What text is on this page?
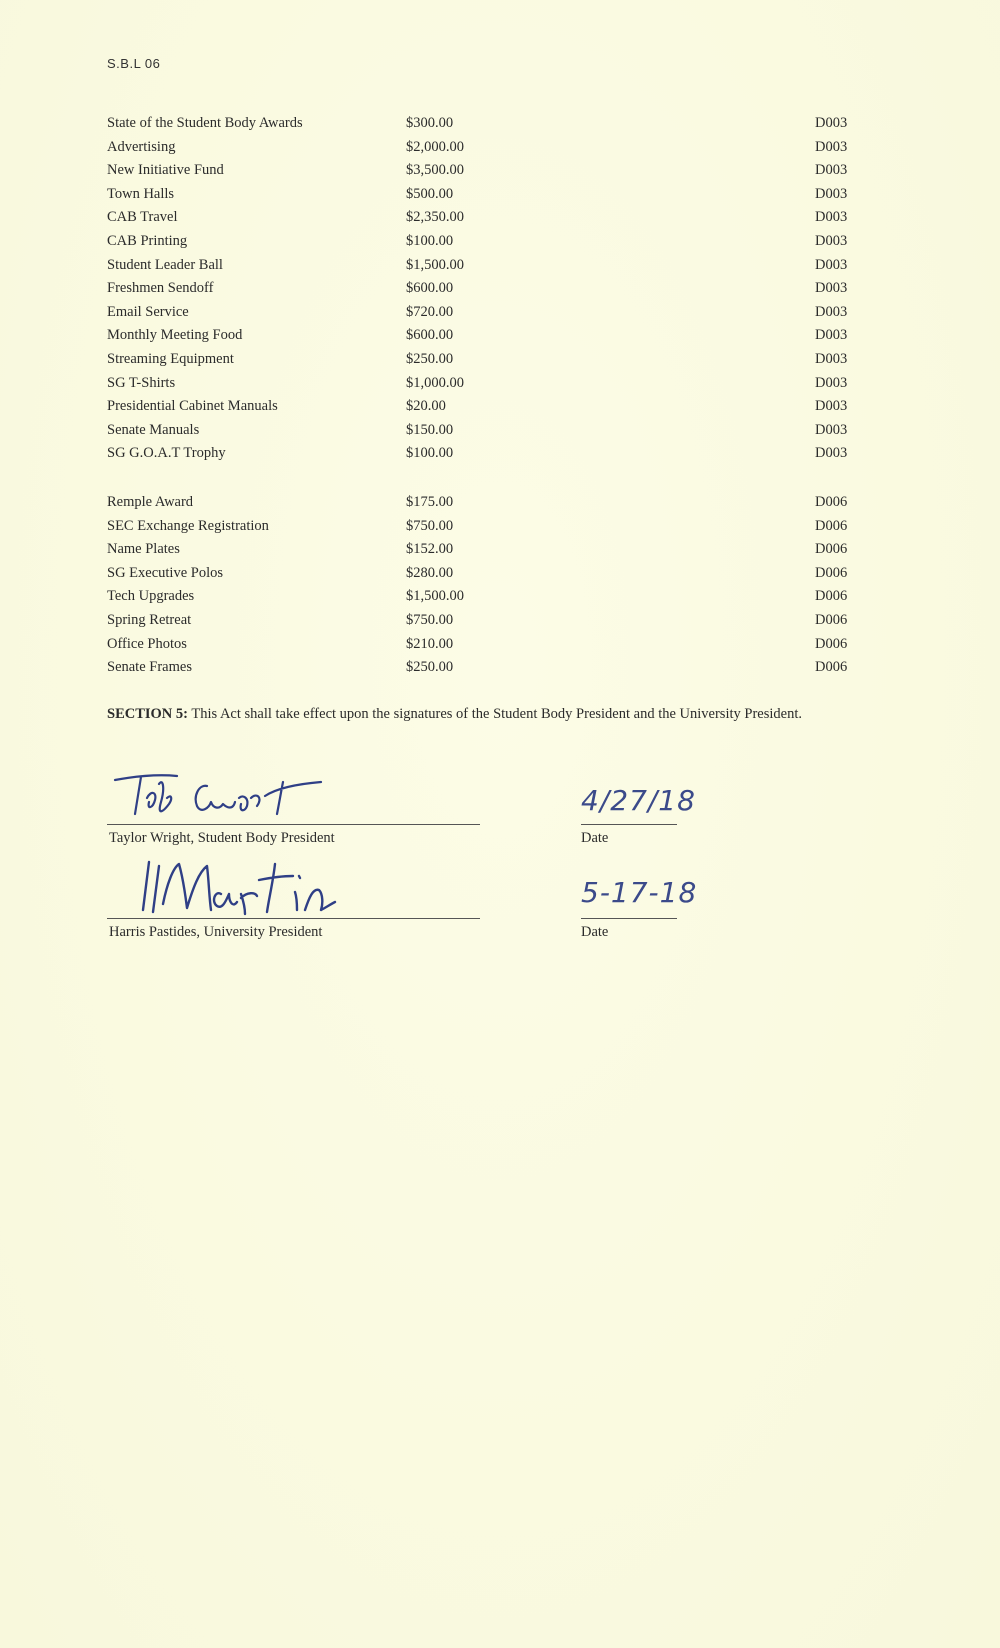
S.B.L 06
State of the Student Body Awards	$300.00	D003
Advertising	$2,000.00	D003
New Initiative Fund	$3,500.00	D003
Town Halls	$500.00	D003
CAB Travel	$2,350.00	D003
CAB Printing	$100.00	D003
Student Leader Ball	$1,500.00	D003
Freshmen Sendoff	$600.00	D003
Email Service	$720.00	D003
Monthly Meeting Food	$600.00	D003
Streaming Equipment	$250.00	D003
SG T-Shirts	$1,000.00	D003
Presidential Cabinet Manuals	$20.00	D003
Senate Manuals	$150.00	D003
SG G.O.A.T Trophy	$100.00	D003
Remple Award	$175.00	D006
SEC Exchange Registration	$750.00	D006
Name Plates	$152.00	D006
SG Executive Polos	$280.00	D006
Tech Upgrades	$1,500.00	D006
Spring Retreat	$750.00	D006
Office Photos	$210.00	D006
Senate Frames	$250.00	D006
SECTION 5: This Act shall take effect upon the signatures of the Student Body President and the University President.
Taylor Wright, Student Body President
4/27/18
Date
Harris Pastides, University President
5-17-18
Date
